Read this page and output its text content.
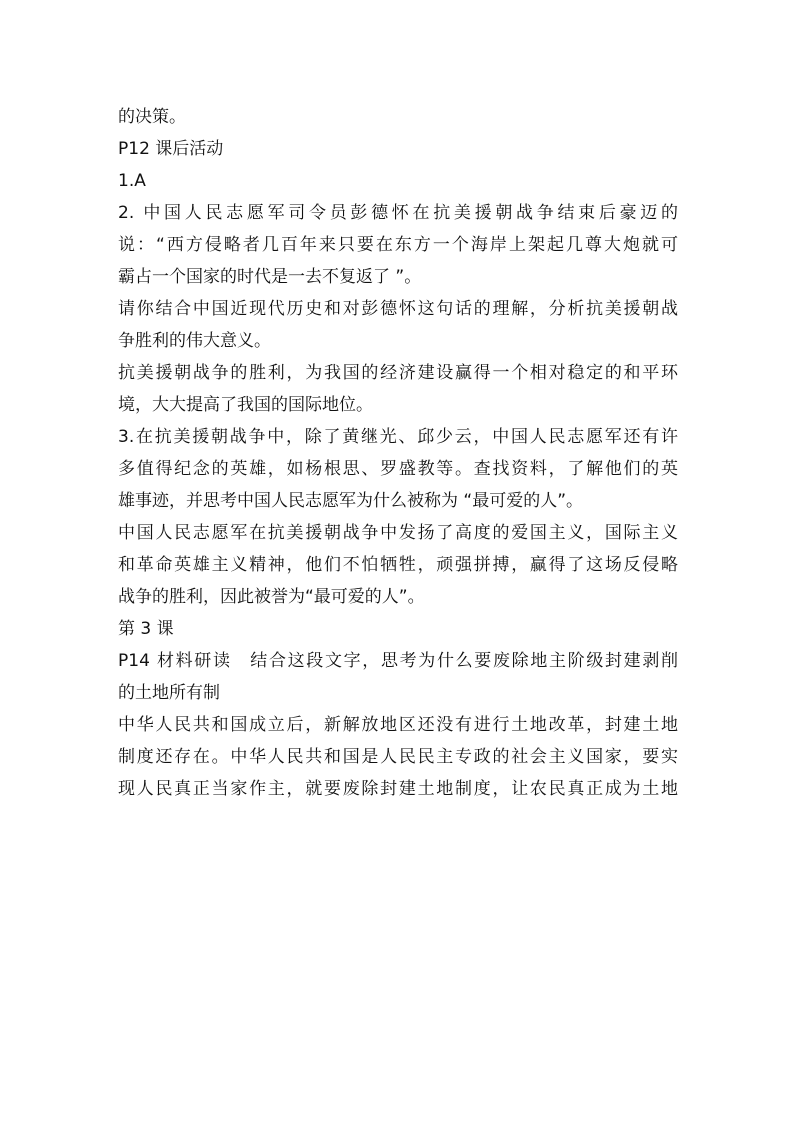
的决策。

P12 课后活动

1.A

2. 中国人民志愿军司令员彭德怀在抗美援朝战争结束后豪迈的

说：“西方侵略者几百年来只要在东方一个海岸上架起几尊大炮就可

霸占一个国家的时代是一去不复返了 ”。

请你结合中国近现代历史和对彭德怀这句话的理解，分析抗美援朝战

争胜利的伟大意义。

抗美援朝战争的胜利，为我国的经济建设赢得一个相对稳定的和平环

境，大大提高了我国的国际地位。

3.在抗美援朝战争中，除了黄继光、邱少云，中国人民志愿军还有许

多值得纪念的英雄，如杨根思、罗盛教等。查找资料，了解他们的英

雄事迹，并思考中国人民志愿军为什么被称为 “最可爱的人”。

中国人民志愿军在抗美援朝战争中发扬了高度的爱国主义，国际主义

和革命英雄主义精神，他们不怕牺牲，顽强拼搏，赢得了这场反侵略

战争的胜利，因此被誉为“最可爱的人”。

第 3 课

P14 材料研读　结合这段文字，思考为什么要废除地主阶级封建剥削

的土地所有制

中华人民共和国成立后，新解放地区还没有进行土地改革，封建土地

制度还存在。中华人民共和国是人民民主专政的社会主义国家，要实

现人民真正当家作主，就要废除封建土地制度，让农民真正成为土地
